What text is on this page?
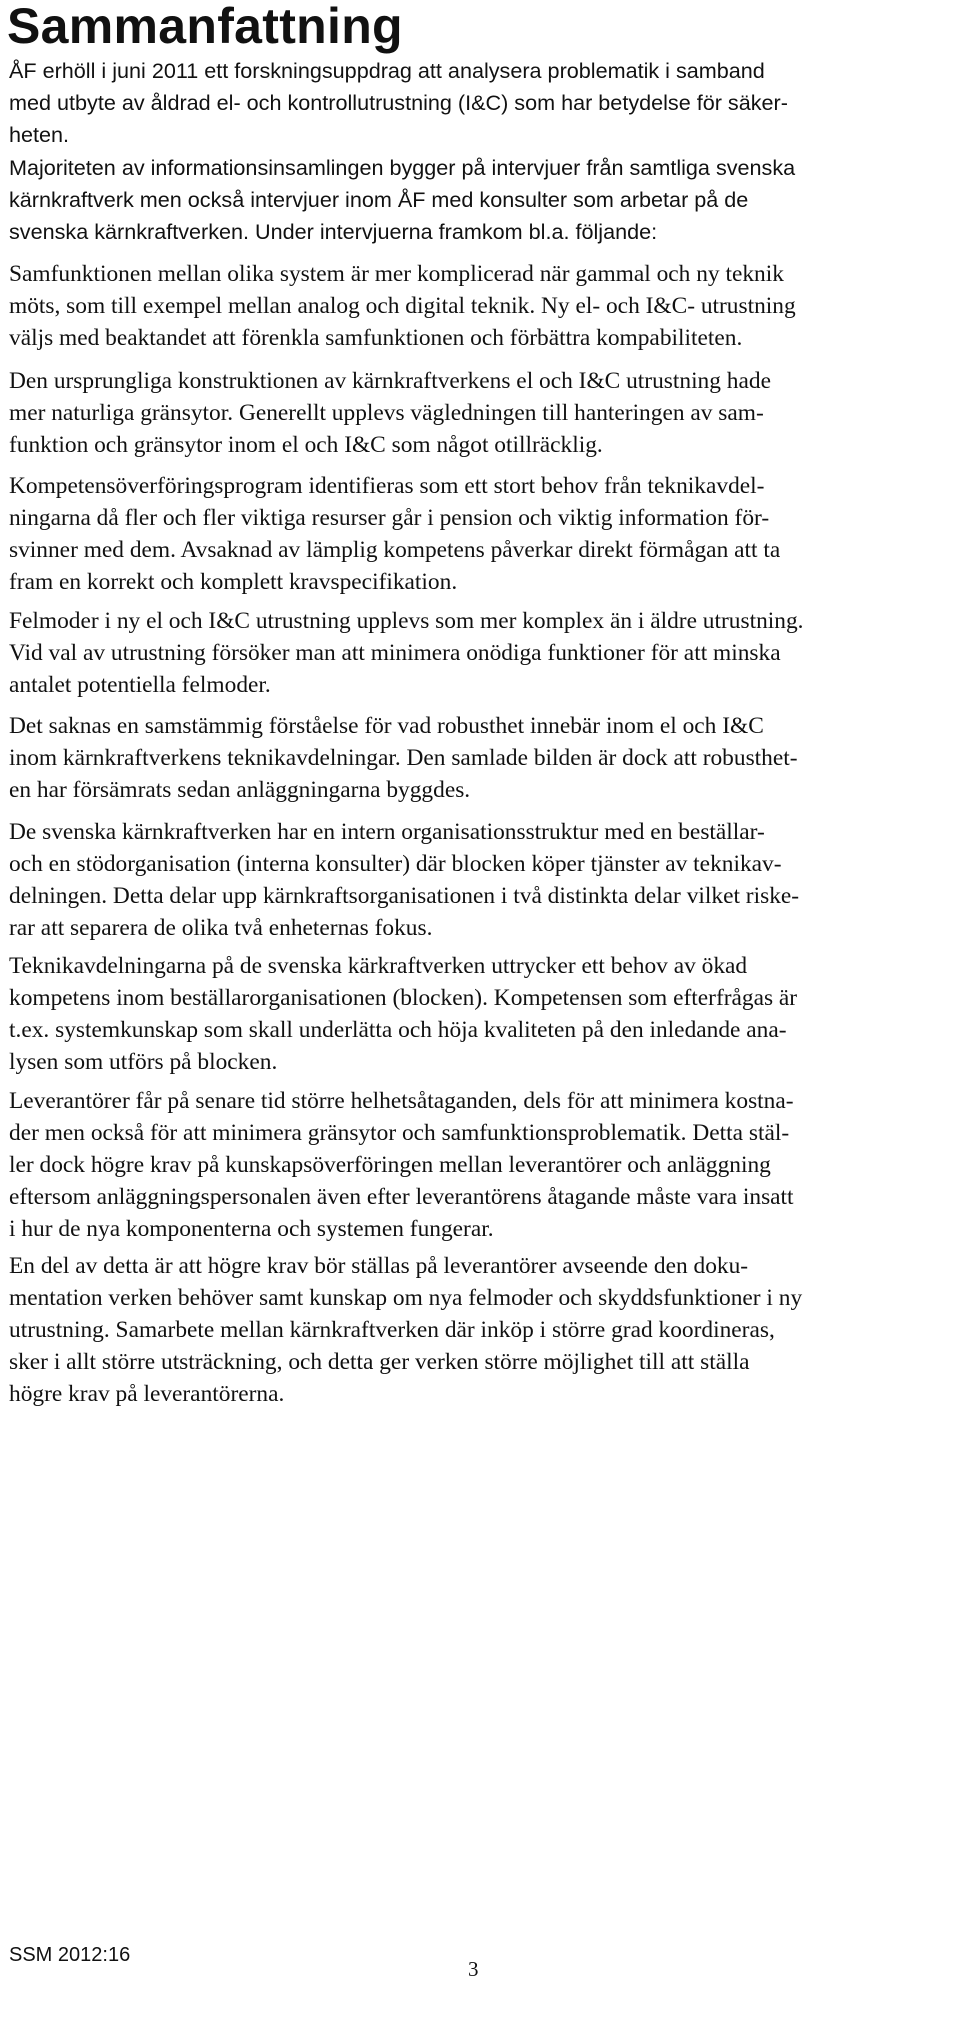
Sammanfattning

ÅF erhöll i juni 2011 ett forskningsuppdrag att analysera problematik i samband
med utbyte av åldrad el- och kontrollutrustning (I&C) som har betydelse för säker-
heten.

Majoriteten av informationsinsamlingen bygger på intervjuer från samtliga svenska
kärnkraftverk men också intervjuer inom ÅF med konsulter som arbetar på de
svenska kärnkraftverken. Under intervjuerna framkom bl.a. följande:

Samfunktionen mellan olika system är mer komplicerad när gammal och ny teknik
möts, som till exempel mellan analog och digital teknik. Ny el- och I&C- utrustning
väljs med beaktandet att förenkla samfunktionen och förbättra kompabiliteten.

Den ursprungliga konstruktionen av kärnkraftverkens el och I&C utrustning hade
mer naturliga gränsytor. Generellt upplevs vägledningen till hanteringen av sam-
funktion och gränsytor inom el och I&C som något otillräcklig.

Kompetensöverföringsprogram identifieras som ett stort behov från teknikavdel-
ningarna då fler och fler viktiga resurser går i pension och viktig information för-
svinner med dem. Avsaknad av lämplig kompetens påverkar direkt förmågan att ta
fram en korrekt och komplett kravspecifikation.

Felmoder i ny el och I&C utrustning upplevs som mer komplex än i äldre utrustning.
Vid val av utrustning försöker man att minimera onödiga funktioner för att minska
antalet potentiella felmoder.

Det saknas en samstämmig förståelse för vad robusthet innebär inom el och I&C
inom kärnkraftverkens teknikavdelningar. Den samlade bilden är dock att robusthet-
en har försämrats sedan anläggningarna byggdes.

De svenska kärnkraftverken har en intern organisationsstruktur med en beställar-
och en stödorganisation (interna konsulter) där blocken köper tjänster av teknikav-
delningen. Detta delar upp kärnkraftsorganisationen i två distinkta delar vilket riske-
rar att separera de olika två enheternas fokus.

Teknikavdelningarna på de svenska kärkraftverken uttrycker ett behov av ökad
kompetens inom beställarorganisationen (blocken). Kompetensen som efterfrågas är
t.ex. systemkunskap som skall underlätta och höja kvaliteten på den inledande ana-
lysen som utförs på blocken.

Leverantörer får på senare tid större helhetsåtaganden, dels för att minimera kostna-
der men också för att minimera gränsytor och samfunktionsproblematik. Detta stäl-
ler dock högre krav på kunskapsöverföringen mellan leverantörer och anläggning
eftersom anläggningspersonalen även efter leverantörens åtagande måste vara insatt
i hur de nya komponenterna och systemen fungerar.

En del av detta är att högre krav bör ställas på leverantörer avseende den doku-
mentation verken behöver samt kunskap om nya felmoder och skyddsfunktioner i ny
utrustning. Samarbete mellan kärnkraftverken där inköp i större grad koordineras,
sker i allt större utsträckning, och detta ger verken större möjlighet till att ställa
högre krav på leverantörerna.

SSM 2012:16

3
